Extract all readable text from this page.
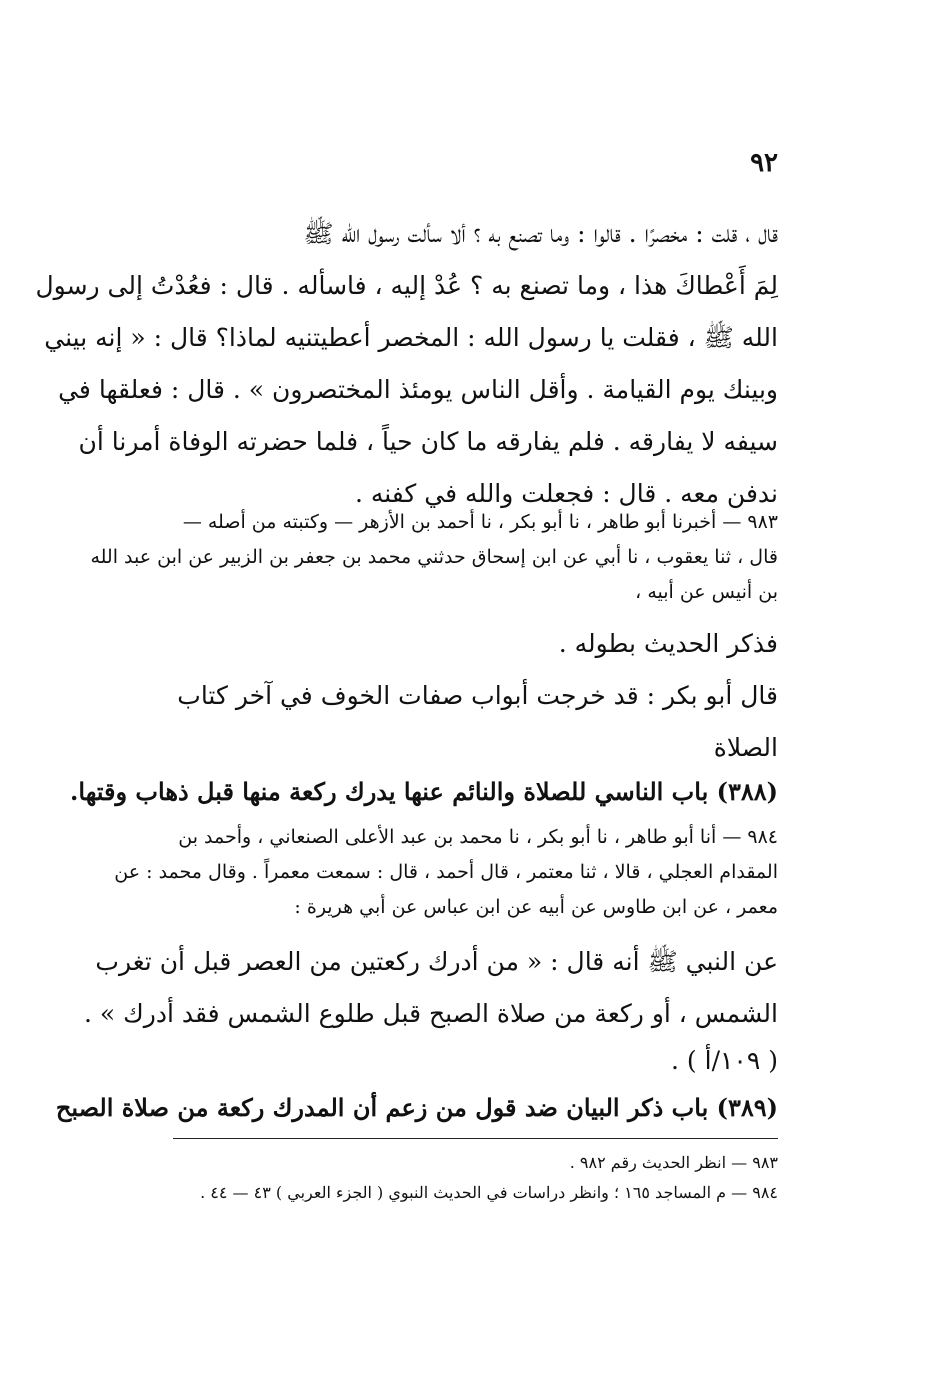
٩٢
قال ، قلت : مخصرًا . قالوا : وما تصنع به ؟ ألا سألت رسول الله ﷺ
لِمَ أَعْطاكَ هذا ، وما تصنع به ؟ عُدْ إليه ، فاسأله . قال : فعُدْتُ إلى رسول
الله ﷺ ، فقلت يا رسول الله : المخصر أعطيتنيه لماذا؟ قال : « إنه بيني
وبينك يوم القيامة . وأقل الناس يومئذ المختصرون » . قال : فعلقها في
سيفه لا يفارقه . فلم يفارقه ما كان حياً ، فلما حضرته الوفاة أمرنا أن
ندفن معه . قال : فجعلت والله في كفنه .
٩٨٣ — أخبرنا أبو طاهر ، نا أبو بكر ، نا أحمد بن الأزهر — وكتبته من أصله —
قال ، ثنا يعقوب ، نا أبي عن ابن إسحاق حدثني محمد بن جعفر بن الزبير عن ابن عبد الله
بن أنيس عن أبيه ،
فذكر الحديث بطوله .
قال أبو بكر : قد خرجت أبواب صفات الخوف في آخر كتاب
الصلاة
(٣٨٨) باب الناسي للصلاة والنائم عنها يدرك ركعة منها قبل ذهاب وقتها.
٩٨٤ — أنا أبو طاهر ، نا أبو بكر ، نا محمد بن عبد الأعلى الصنعاني ، وأحمد بن
المقدام العجلي ، قالا ، ثنا معتمر ، قال أحمد ، قال : سمعت معمراً . وقال محمد : عن
معمر ، عن ابن طاوس عن أبيه عن ابن عباس عن أبي هريرة :
عن النبي ﷺ أنه قال : « من أدرك ركعتين من العصر قبل أن تغرب
الشمس ، أو ركعة من صلاة الصبح قبل طلوع الشمس فقد أدرك » .
( ١٠٩/أ ) .
(٣٨٩) باب ذكر البيان ضد قول من زعم أن المدرك ركعة من صلاة الصبح
٩٨٣ — انظر الحديث رقم ٩٨٢ .
٩٨٤ — م المساجد ١٦٥ ؛ وانظر دراسات في الحديث النبوي ( الجزء العربي ) ٤٣ — ٤٤ .
